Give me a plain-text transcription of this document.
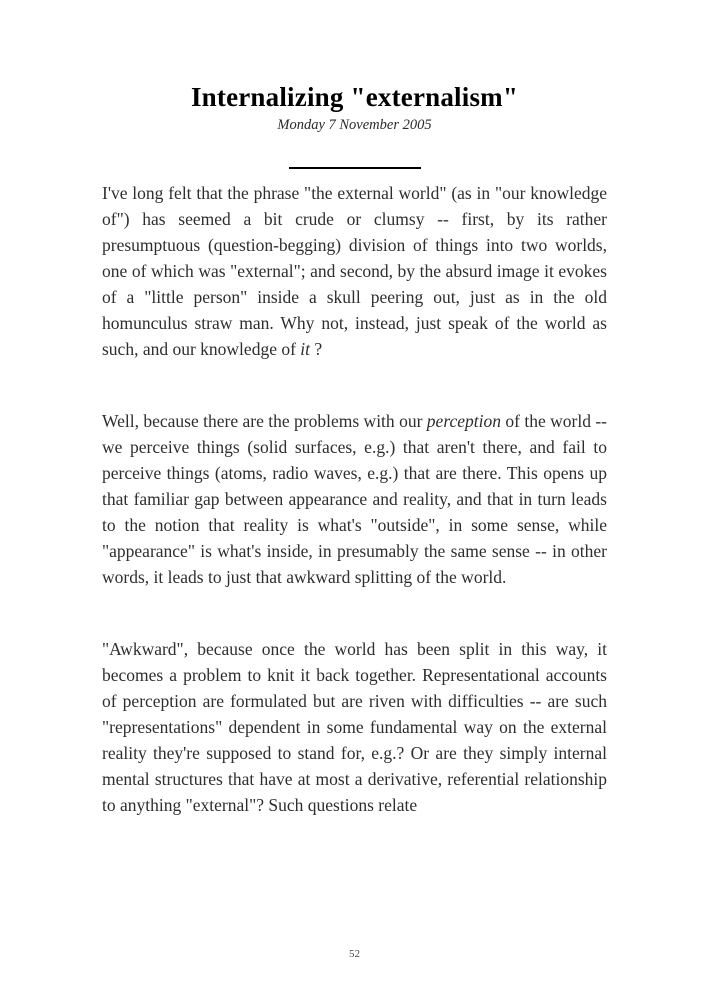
Internalizing "externalism"
Monday 7 November 2005

I've long felt that the phrase "the external world" (as in "our knowledge of") has seemed a bit crude or clumsy -- first, by its rather presumptuous (question-begging) division of things into two worlds, one of which was "external"; and second, by the absurd image it evokes of a "little person" inside a skull peering out, just as in the old homunculus straw man. Why not, instead, just speak of the world as such, and our knowledge of it ?

Well, because there are the problems with our perception of the world -- we perceive things (solid surfaces, e.g.) that aren't there, and fail to perceive things (atoms, radio waves, e.g.) that are there. This opens up that familiar gap between appearance and reality, and that in turn leads to the notion that reality is what's "outside", in some sense, while "appearance" is what's inside, in presumably the same sense -- in other words, it leads to just that awkward splitting of the world.

"Awkward", because once the world has been split in this way, it becomes a problem to knit it back together. Representational accounts of perception are formulated but are riven with difficulties -- are such "representations" dependent in some fundamental way on the external reality they're supposed to stand for, e.g.? Or are they simply internal mental structures that have at most a derivative, referential relationship to anything "external"? Such questions relate

52
